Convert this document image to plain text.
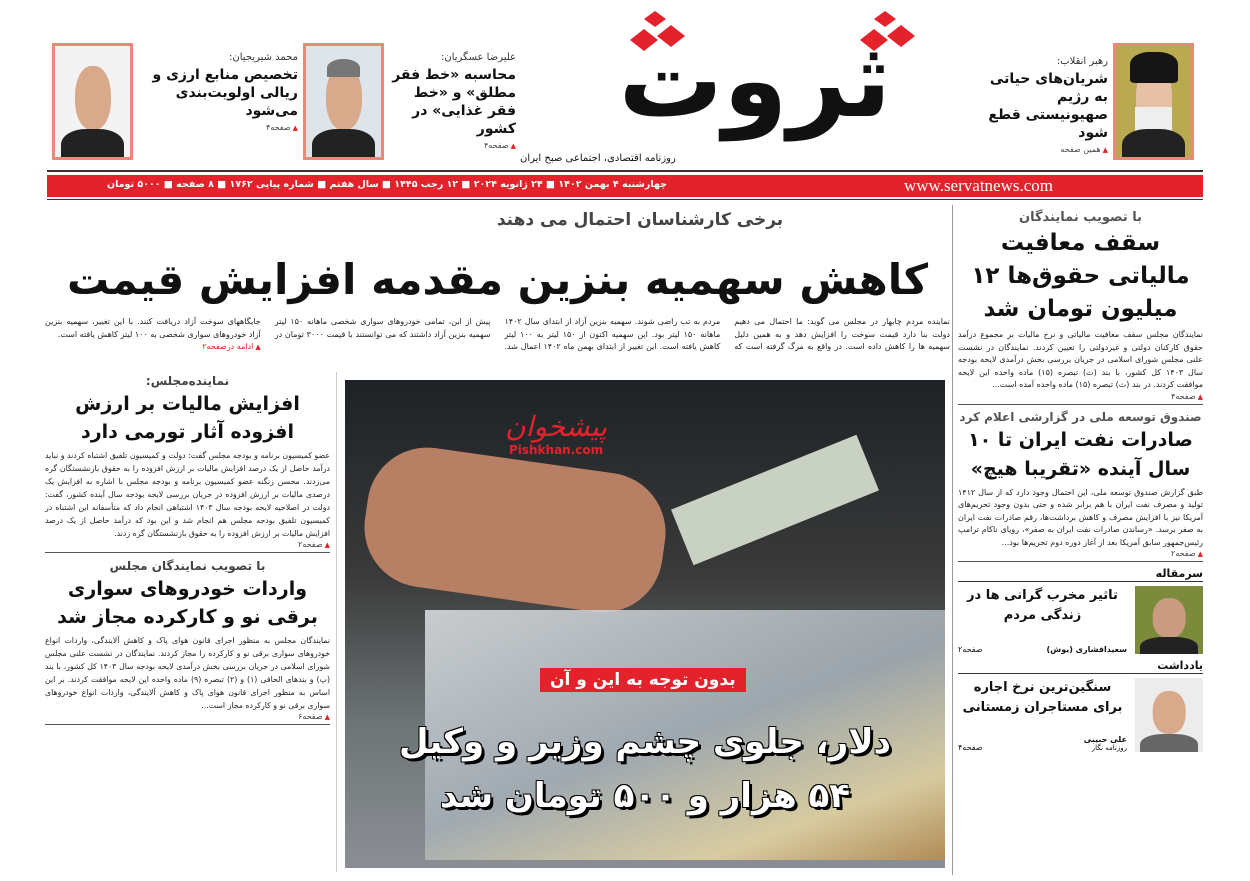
رهبر انقلاب:
شریان‌های حیاتی به رژیم صهیونیستی قطع شود
▲ همین صفحه
علیرضا عسگریان:
محاسبه «خط فقر مطلق» و «خط فقر غذایی» در کشور
▲ صفحه۴
محمد شیریجیان:
تخصیص منابع ارزی و ریالی اولویت‌بندی می‌شود
▲ صفحه۴	ثروت
روزنامه اقتصادی، اجتماعی صبح ایران
چهارشنبه ۴ بهمن ۱۴۰۲ ■ ۲۴ ژانویه ۲۰۲۴ ■ ۱۲ رجب ۱۴۴۵ ■ سال هفتم ■ شماره پیاپی ۱۷۶۲ ■ ۸ صفحه ■ ۵۰۰۰ تومان	www.servatnews.com
برخی کارشناسان احتمال می دهند
کاهش سهمیه بنزین مقدمه افزایش قیمت
نماینده مردم چابهار در مجلس می گوید: ما احتمال می دهیم دولت بنا دارد قیمت سوخت را افزایش دهد و به همین دلیل سهمیه ها را کاهش داده است. در واقع به مرگ گرفته است که مردم به تب راضی شوند. سهمیه بنزین آزاد از ابتدای سال ۱۴۰۲ ماهانه ۱۵۰ لیتر بود. این سهمیه اکنون از ۱۵۰ لیتر به ۱۰۰ لیتر کاهش یافته است. این تغییر از ابتدای بهمن ماه ۱۴۰۲ اعمال شد. پیش از این، تمامی خودروهای سواری شخصی ماهانه ۱۵۰ لیتر سهمیه بنزین آزاد داشتند که می توانستند با قیمت ۳۰۰۰ تومان در جایگاههای سوخت آزاد دریافت کنند. با این تغییر، سهمیه بنزین آزاد خودروهای سواری شخصی به ۱۰۰ لیتر کاهش یافته است.
▲ ادامه درصفحه۲
پیشخوان
Pishkhan.com
بدون توجه به این و آن
دلار، جلوی چشم وزیر و وکیل
۵۴ هزار و ۵۰۰ تومان شد
با تصویب نمایندگان
سقف معافیت مالیاتی حقوق‌ها ۱۲ میلیون تومان شد
نمایندگان مجلس سقف معافیت مالیاتی و نرخ مالیات بر مجموع درآمد حقوق کارکنان دولتی و غیردولتی را تعیین کردند. نمایندگان در نشست علنی مجلس شورای اسلامی در جریان بررسی بخش درآمدی لایحه بودجه سال ۱۴۰۳ کل کشور، با بند (ث) تبصره (۱۵) ماده واحده این لایحه موافقت کردند. در بند (ث) تبصره (۱۵) ماده واحده آمده است...
▲ صفحه۴
صندوق توسعه ملی در گزارشی اعلام کرد
صادرات نفت ایران تا ۱۰ سال آینده «تقریبا هیچ»
طبق گزارش صندوق توسعه ملی، این احتمال وجود دارد که از سال ۱۴۱۲ تولید و مصرف نفت ایران با هم برابر شده و حتی بدون وجود تحریم‌های آمریکا نیز با افزایش مصرف و کاهش برداشت‌ها، رقم صادرات نفت ایران به صفر برسد. «رساندن صادرات نفت ایران به صفر»، رویای ناکام ترامپ رئیس‌جمهور سابق آمریکا بعد از آغاز دوره دوم تحریم‌ها بود...
▲ صفحه۲
سرمقاله
تاثیر مخرب گرانی ها در زندگی مردم
سعیدافشاری (یوش)
صفحه۲
یادداشت
سنگین‌ترین نرخ اجاره برای مستاجران زمستانی
علی حبیبی
روزنامه نگار
صفحه۴
نماینده‌مجلس:
افزایش مالیات بر ارزش افزوده آثار تورمی دارد
عضو کمیسیون برنامه و بودجه مجلس گفت: دولت و کمیسیون تلفیق اشتباه کردند و نباید درآمد حاصل از یک درصد افزایش مالیات بر ارزش افزوده را به حقوق بازنشستگان گره می‌زدند. محسن زنگنه عضو کمیسیون برنامه و بودجه مجلس با اشاره به افزایش یک درصدی مالیات بر ارزش افزوده در جریان بررسی لایحه بودجه سال آینده کشور، گفت: دولت در اصلاحیه لایحه بودجه سال ۱۴۰۳ اشتباهی انجام داد که متأسفانه این اشتباه در کمیسیون تلفیق بودجه مجلس هم انجام شد و این بود که درآمد حاصل از یک درصد افزایش مالیات بر ارزش افزوده را به حقوق بازنشستگان گره زدند.
▲ صفحه۲
با تصویب نمایندگان مجلس
واردات خودروهای سواری برقی نو و کارکرده مجاز شد
نمایندگان مجلس به منظور اجرای قانون هوای پاک و کاهش آلایندگی، واردات انواع خودروهای سواری برقی نو و کارکرده را مجاز کردند. نمایندگان در نشست علنی مجلس شورای اسلامی در جریان بررسی بخش درآمدی لایحه بودجه سال ۱۴۰۳ کل کشور، با بند (پ) و بندهای الحاقی (۱) و (۲) تبصره (۹) ماده واحده این لایحه موافقت کردند. بر این اساس به منظور اجرای قانون هوای پاک و کاهش آلایندگی، واردات انواع خودروهای سواری برقی نو و کارکرده مجاز است...
▲ صفحه۶
